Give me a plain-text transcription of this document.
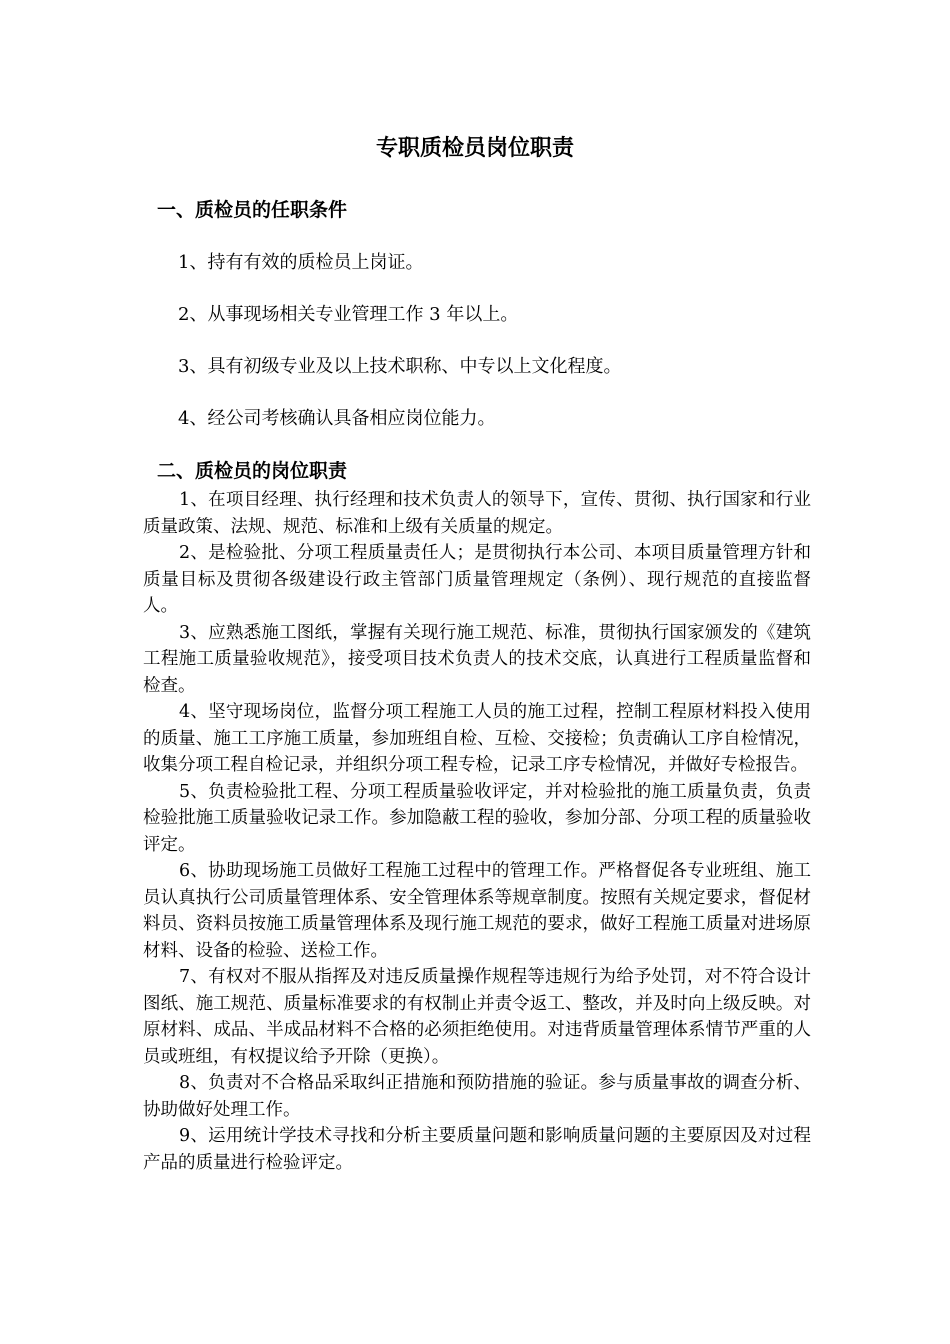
专职质检员岗位职责
一、质检员的任职条件

1、持有有效的质检员上岗证。

2、从事现场相关专业管理工作 3 年以上。

3、具有初级专业及以上技术职称、中专以上文化程度。

4、经公司考核确认具备相应岗位能力。

二、质检员的岗位职责

1、在项目经理、执行经理和技术负责人的领导下，宣传、贯彻、执行国家和行业质量政策、法规、规范、标准和上级有关质量的规定。

2、是检验批、分项工程质量责任人；是贯彻执行本公司、本项目质量管理方针和质量目标及贯彻各级建设行政主管部门质量管理规定（条例）、现行规范的直接监督人。

3、应熟悉施工图纸，掌握有关现行施工规范、标准，贯彻执行国家颁发的《建筑工程施工质量验收规范》，接受项目技术负责人的技术交底，认真进行工程质量监督和检查。

4、坚守现场岗位，监督分项工程施工人员的施工过程，控制工程原材料投入使用的质量、施工工序施工质量，参加班组自检、互检、交接检；负责确认工序自检情况，收集分项工程自检记录，并组织分项工程专检，记录工序专检情况，并做好专检报告。

5、负责检验批工程、分项工程质量验收评定，并对检验批的施工质量负责，负责检验批施工质量验收记录工作。参加隐蔽工程的验收，参加分部、分项工程的质量验收评定。

6、协助现场施工员做好工程施工过程中的管理工作。严格督促各专业班组、施工员认真执行公司质量管理体系、安全管理体系等规章制度。按照有关规定要求，督促材料员、资料员按施工质量管理体系及现行施工规范的要求，做好工程施工质量对进场原材料、设备的检验、送检工作。

7、有权对不服从指挥及对违反质量操作规程等违规行为给予处罚，对不符合设计图纸、施工规范、质量标准要求的有权制止并责令返工、整改，并及时向上级反映。对原材料、成品、半成品材料不合格的必须拒绝使用。对违背质量管理体系情节严重的人员或班组，有权提议给予开除（更换）。

8、负责对不合格品采取纠正措施和预防措施的验证。参与质量事故的调查分析、协助做好处理工作。

9、运用统计学技术寻找和分析主要质量问题和影响质量问题的主要原因及对过程产品的质量进行检验评定。
